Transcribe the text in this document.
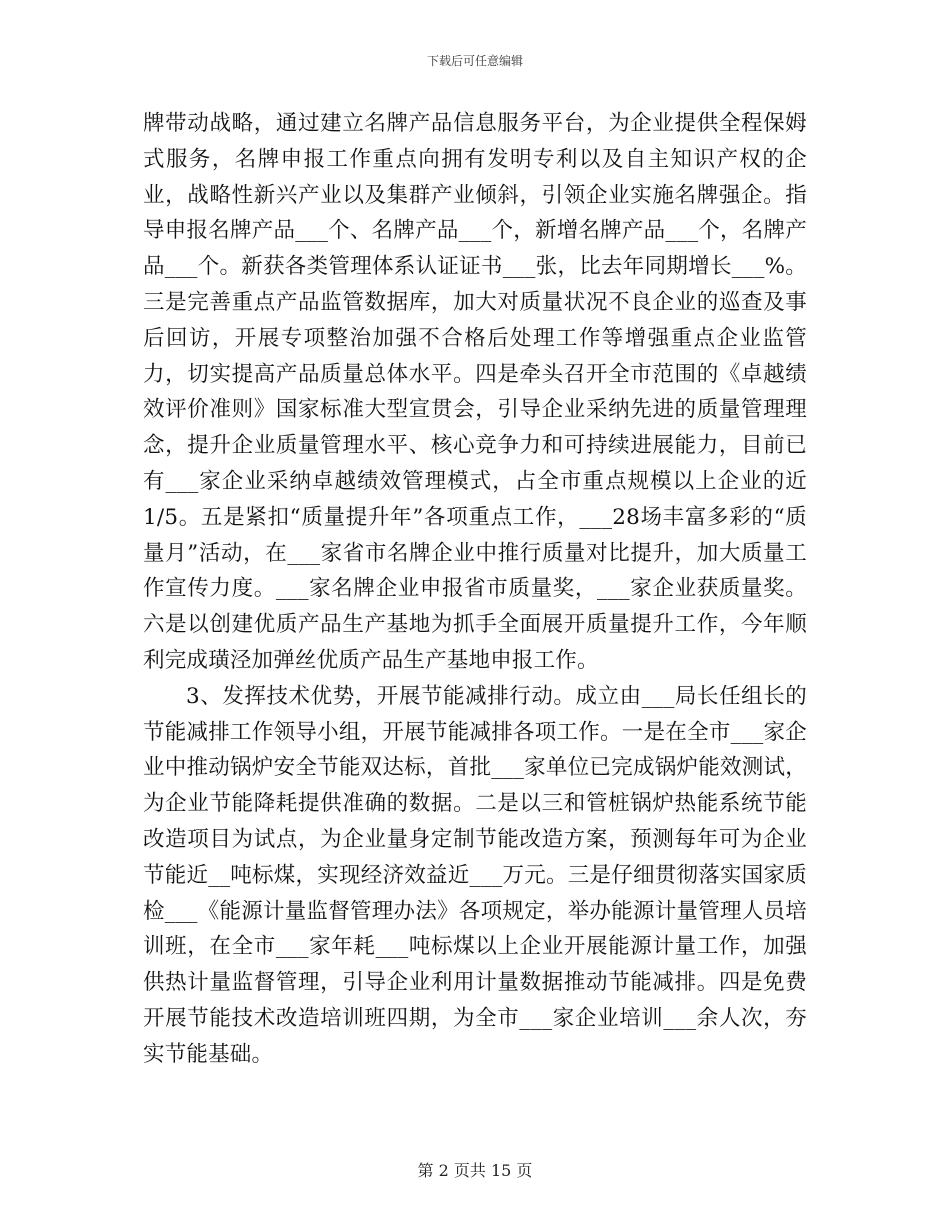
下载后可任意编辑

牌带动战略，通过建立名牌产品信息服务平台，为企业提供全程保姆式服务，名牌申报工作重点向拥有发明专利以及自主知识产权的企业，战略性新兴产业以及集群产业倾斜，引领企业实施名牌强企。指导申报名牌产品___个、名牌产品___个，新增名牌产品___个，名牌产品___个。新获各类管理体系认证证书___张，比去年同期增长___%。三是完善重点产品监管数据库，加大对质量状况不良企业的巡查及事后回访，开展专项整治加强不合格后处理工作等增强重点企业监管力，切实提高产品质量总体水平。四是牵头召开全市范围的《卓越绩效评价准则》国家标准大型宣贯会，引导企业采纳先进的质量管理理念，提升企业质量管理水平、核心竞争力和可持续进展能力，目前已有___家企业采纳卓越绩效管理模式，占全市重点规模以上企业的近1/5。五是紧扣“质量提升年”各项重点工作，___28场丰富多彩的“质量月”活动，在___家省市名牌企业中推行质量对比提升，加大质量工作宣传力度。___家名牌企业申报省市质量奖，___家企业获质量奖。六是以创建优质产品生产基地为抓手全面展开质量提升工作，今年顺利完成璜泾加弹丝优质产品生产基地申报工作。

3、发挥技术优势，开展节能减排行动。成立由___局长任组长的节能减排工作领导小组，开展节能减排各项工作。一是在全市___家企业中推动锅炉安全节能双达标，首批___家单位已完成锅炉能效测试，为企业节能降耗提供准确的数据。二是以三和管桩锅炉热能系统节能改造项目为试点，为企业量身定制节能改造方案，预测每年可为企业节能近__吨标煤，实现经济效益近___万元。三是仔细贯彻落实国家质检___《能源计量监督管理办法》各项规定，举办能源计量管理人员培训班，在全市___家年耗___吨标煤以上企业开展能源计量工作，加强供热计量监督管理，引导企业利用计量数据推动节能减排。四是免费开展节能技术改造培训班四期，为全市___家企业培训___余人次，夯实节能基础。

第 2 页共 15 页
